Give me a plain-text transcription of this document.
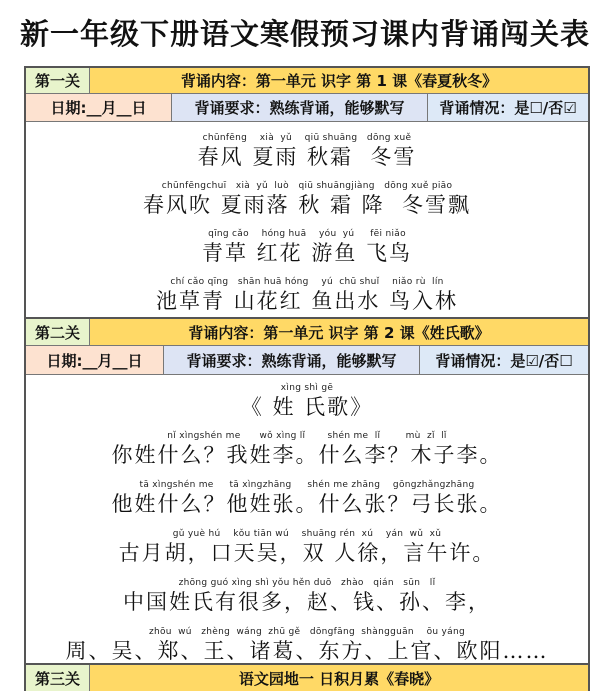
新一年级下册语文寒假预习课内背诵闯关表
第一关	背诵内容：第一单元 识字 第 1 课《春夏秋冬》
日期:__月__日	背诵要求：熟练背诵，能够默写	背诵情况：是☐/否☑
chūnfēng    xià  yǔ    qiū shuāng   dōng xuě
春风 夏雨 秋霜  冬雪
chūnfēngchuī   xià  yǔ  luò   qiū shuāngjiàng   dōng xuě piāo
春风吹 夏雨落 秋 霜 降  冬雪飘
qīng cǎo    hóng huā    yóu  yú     fēi niǎo
青草 红花 游鱼 飞鸟
chí cǎo qīng   shān huā hóng    yú  chū shuǐ    niǎo rù  lín
池草青 山花红 鱼出水 鸟入林
第二关	背诵内容：第一单元 识字 第 2 课《姓氏歌》
日期:__月__日	背诵要求：熟练背诵，能够默写	背诵情况：是☑/否☐
xìng shì gē
《 姓 氏歌》
nǐ xìngshén me      wǒ xìng lǐ       shén me  lǐ        mù  zǐ  lǐ
你姓什么？我姓李。什么李？木子李。
tā xìngshén me     tā xìngzhāng     shén me zhāng    gōngzhǎngzhāng
他姓什么？他姓张。什么张？弓长张。
gǔ yuè hú    kǒu tiān wú    shuāng rén  xú    yán  wǔ  xǔ
古月胡，口天吴，双 人徐，言午许。
zhōng guó xìng shì yǒu hěn duō   zhào   qián   sūn   lǐ
中国姓氏有很多，赵、钱、孙、李，
zhōu  wú   zhèng  wáng  zhū gě   dōngfāng  shàngguān    ōu yáng
周、吴、郑、王、诸葛、东方、上官、欧阳……
第三关	语文园地一 日积月累《春晓》
